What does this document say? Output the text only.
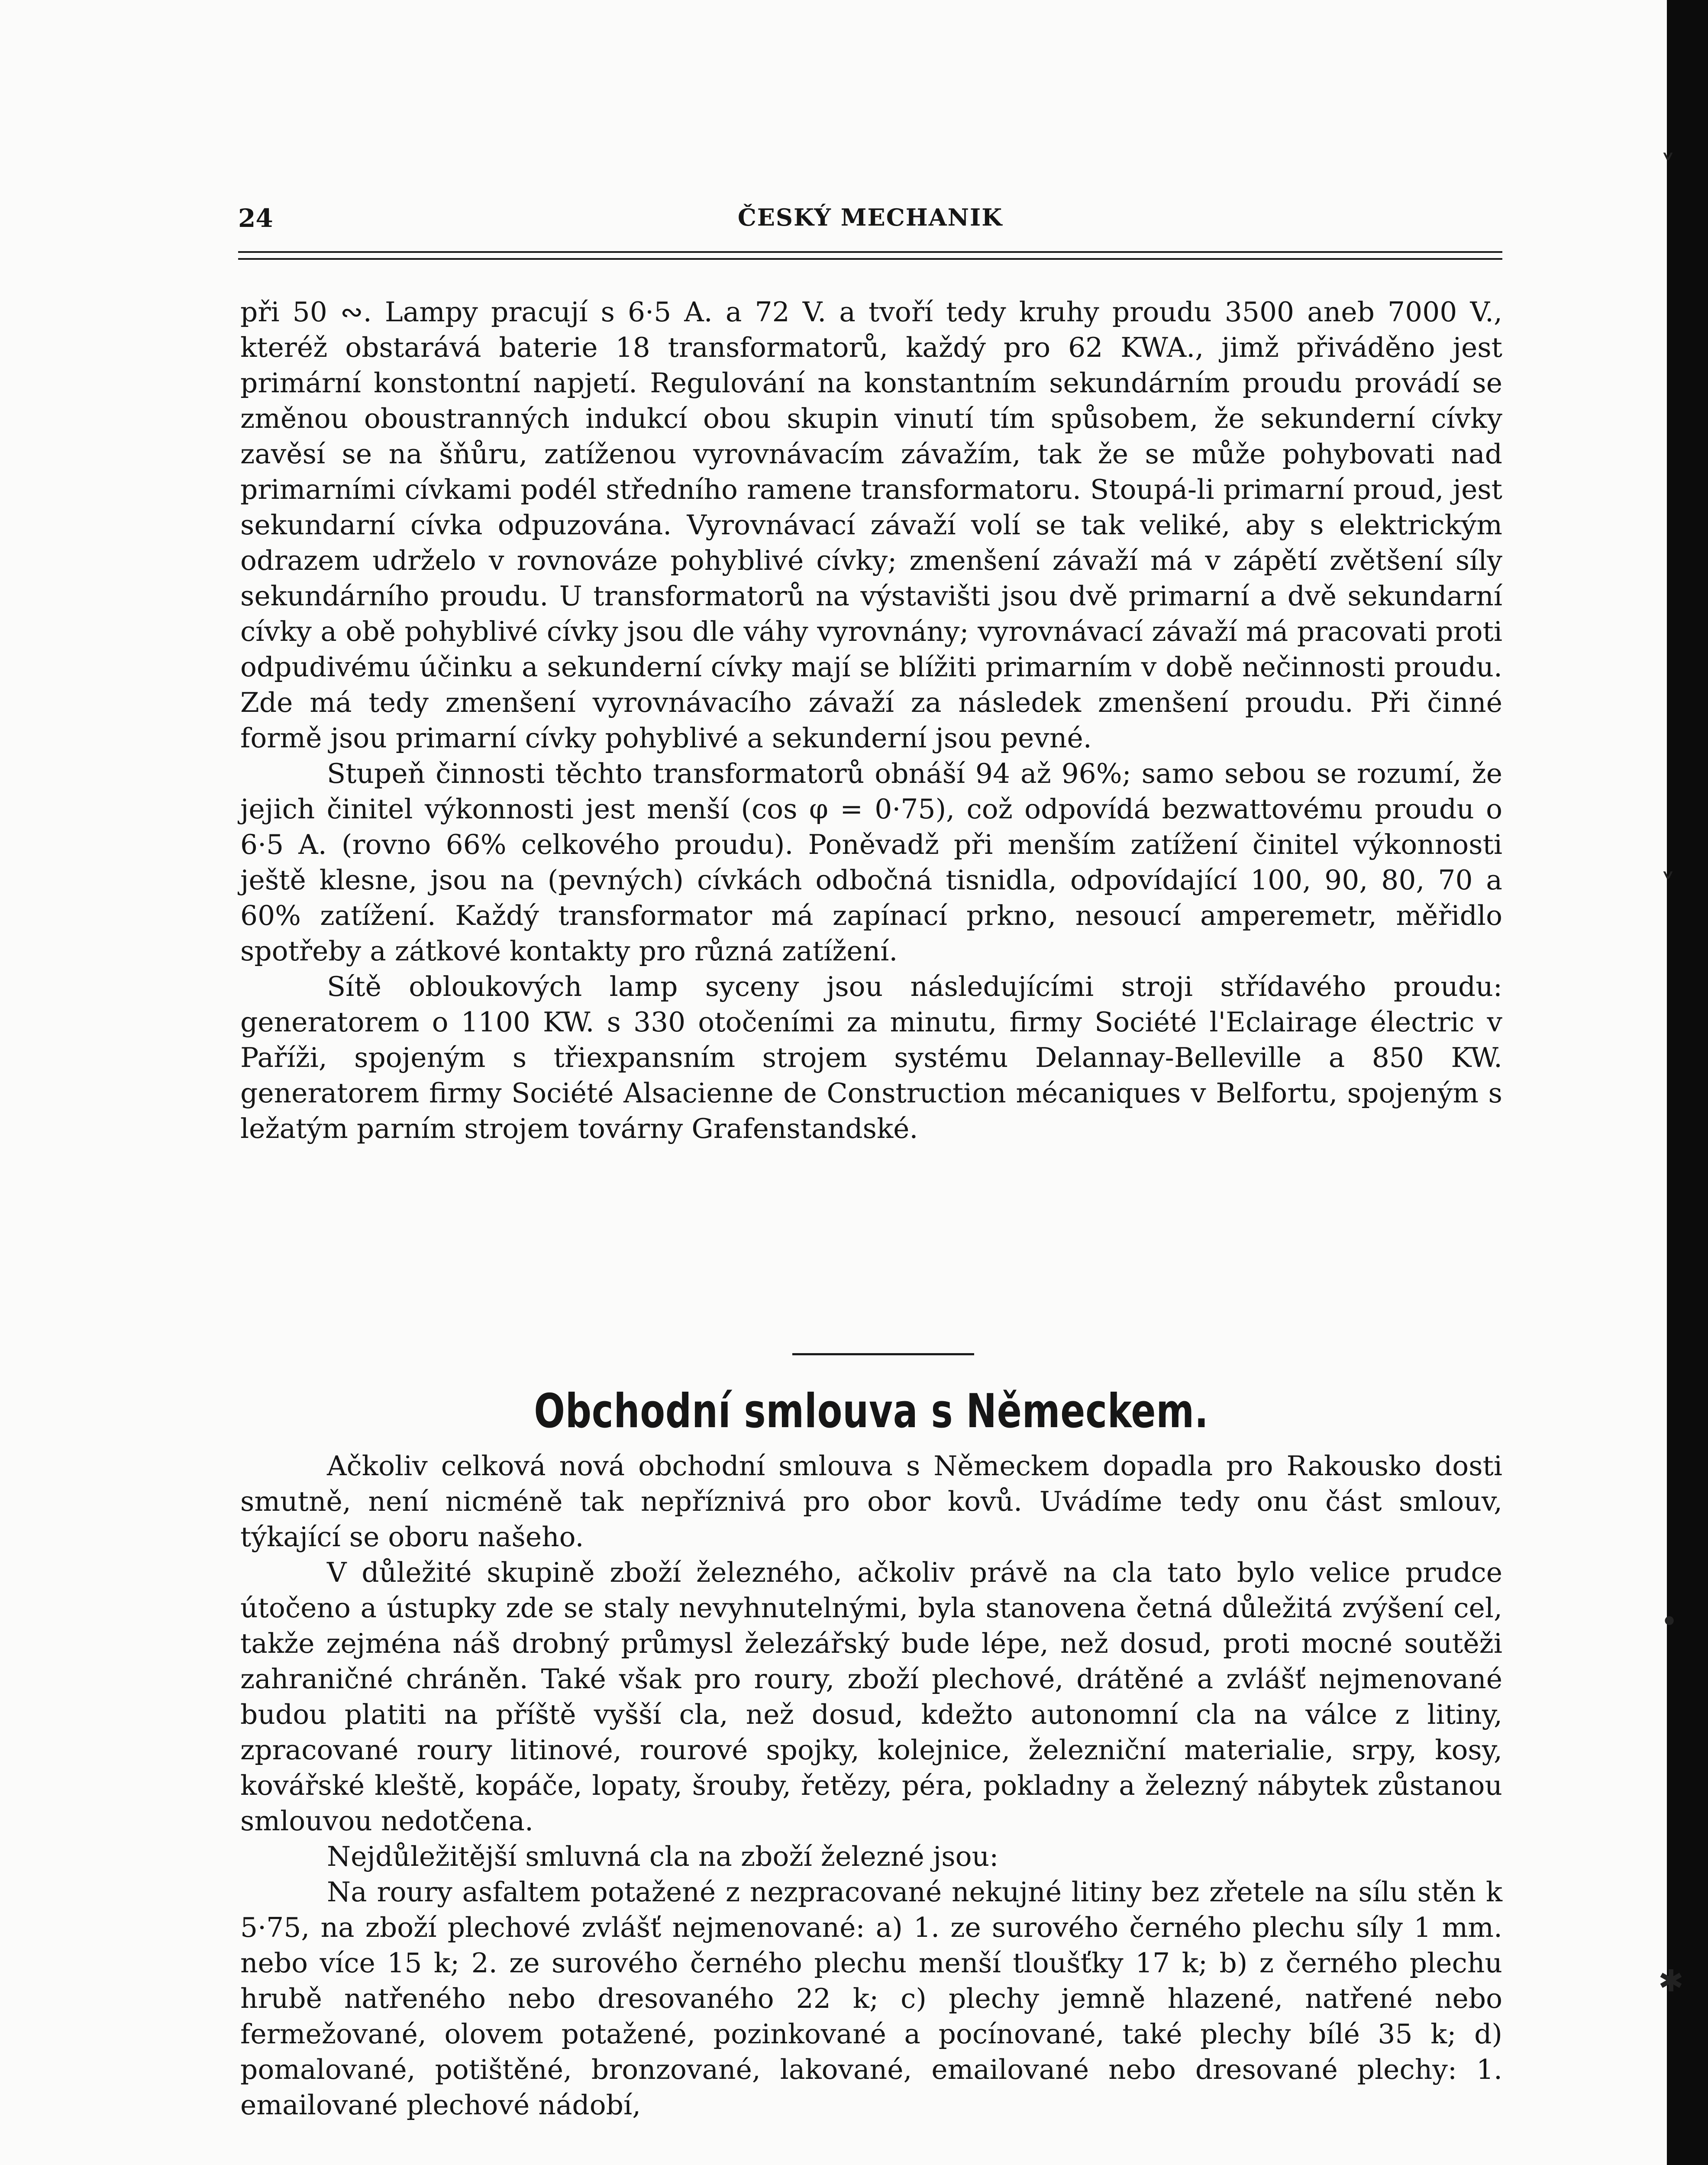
˅
˅
•
✱
24	ČESKÝ MECHANIK

při 50 ∾. Lampy pracují s 6·5 A. a 72 V. a tvoří tedy kruhy proudu 3500 aneb 7000 V., kteréž obstarává baterie 18 transformatorů, každý pro 62 KWA., jimž přiváděno jest primární konstontní napjetí. Regulování na konstantním sekundárním proudu provádí se změnou oboustranných indukcí obou skupin vinutí tím spůsobem, že sekunderní cívky zavěsí se na šňůru, zatíženou vyrovnávacím závažím, tak že se může pohybovati nad primarními cívkami podél středního ramene transformatoru. Stoupá-li primarní proud, jest sekundarní cívka odpuzována. Vyrovnávací závaží volí se tak veliké, aby s elektrickým odrazem udrželo v rovnováze pohyblivé cívky; zmenšení závaží má v zápětí zvětšení síly sekundárního proudu. U transformatorů na výstavišti jsou dvě primarní a dvě sekundarní cívky a obě pohyblivé cívky jsou dle váhy vyrovnány; vyrovnávací závaží má pracovati proti odpudivému účinku a sekunderní cívky mají se blížiti primarním v době nečinnosti proudu. Zde má tedy zmenšení vyrovnávacího závaží za následek zmenšení proudu. Při činné formě jsou primarní cívky pohyblivé a sekunderní jsou pevné.

Stupeň činnosti těchto transformatorů obnáší 94 až 96%; samo sebou se rozumí, že jejich činitel výkonnosti jest menší (cos φ = 0·75), což odpovídá bezwattovému proudu o 6·5 A. (rovno 66% celkového proudu). Poněvadž při menším zatížení činitel výkonnosti ještě klesne, jsou na (pevných) cívkách odbočná tisnidla, odpovídající 100, 90, 80, 70 a 60% zatížení. Každý transformator má zapínací prkno, nesoucí amperemetr, měřidlo spotřeby a zátkové kontakty pro různá zatížení.

Sítě obloukových lamp syceny jsou následujícími stroji střídavého proudu: generatorem o 1100 KW. s 330 otočeními za minutu, firmy Société l'Eclairage électric v Paříži, spojeným s třiexpansním strojem systému Delannay-Belleville a 850 KW. generatorem firmy Société Alsacienne de Construction mécaniques v Belfortu, spojeným s ležatým parním strojem továrny Grafenstandské.

Obchodní smlouva s Německem.

Ačkoliv celková nová obchodní smlouva s Německem dopadla pro Rakousko dosti smutně, není nicméně tak nepříznivá pro obor kovů. Uvádíme tedy onu část smlouv, týkající se oboru našeho.

V důležité skupině zboží železného, ačkoliv právě na cla tato bylo velice prudce útočeno a ústupky zde se staly nevyhnutelnými, byla stanovena četná důležitá zvýšení cel, takže zejména náš drobný průmysl železářský bude lépe, než dosud, proti mocné soutěži zahraničné chráněn. Také však pro roury, zboží plechové, drátěné a zvlášť nejmenované budou platiti na příště vyšší cla, než dosud, kdežto autonomní cla na válce z litiny, zpracované roury litinové, rourové spojky, kolejnice, železniční materialie, srpy, kosy, kovářské kleště, kopáče, lopaty, šrouby, řetězy, péra, pokladny a železný nábytek zůstanou smlouvou nedotčena.

Nejdůležitější smluvná cla na zboží železné jsou:

Na roury asfaltem potažené z nezpracované nekujné litiny bez zřetele na sílu stěn k 5·75, na zboží plechové zvlášť nejmenované: a) 1. ze surového černého plechu síly 1 mm. nebo více 15 k; 2. ze surového černého plechu menší tloušťky 17 k; b) z černého plechu hrubě natřeného nebo dresovaného 22 k; c) plechy jemně hlazené, natřené nebo fermežované, olovem potažené, pozinkované a pocínované, také plechy bílé 35 k; d) pomalované, potištěné, bronzované, lakované, emailované nebo dresované plechy: 1. emailované plechové nádobí,
